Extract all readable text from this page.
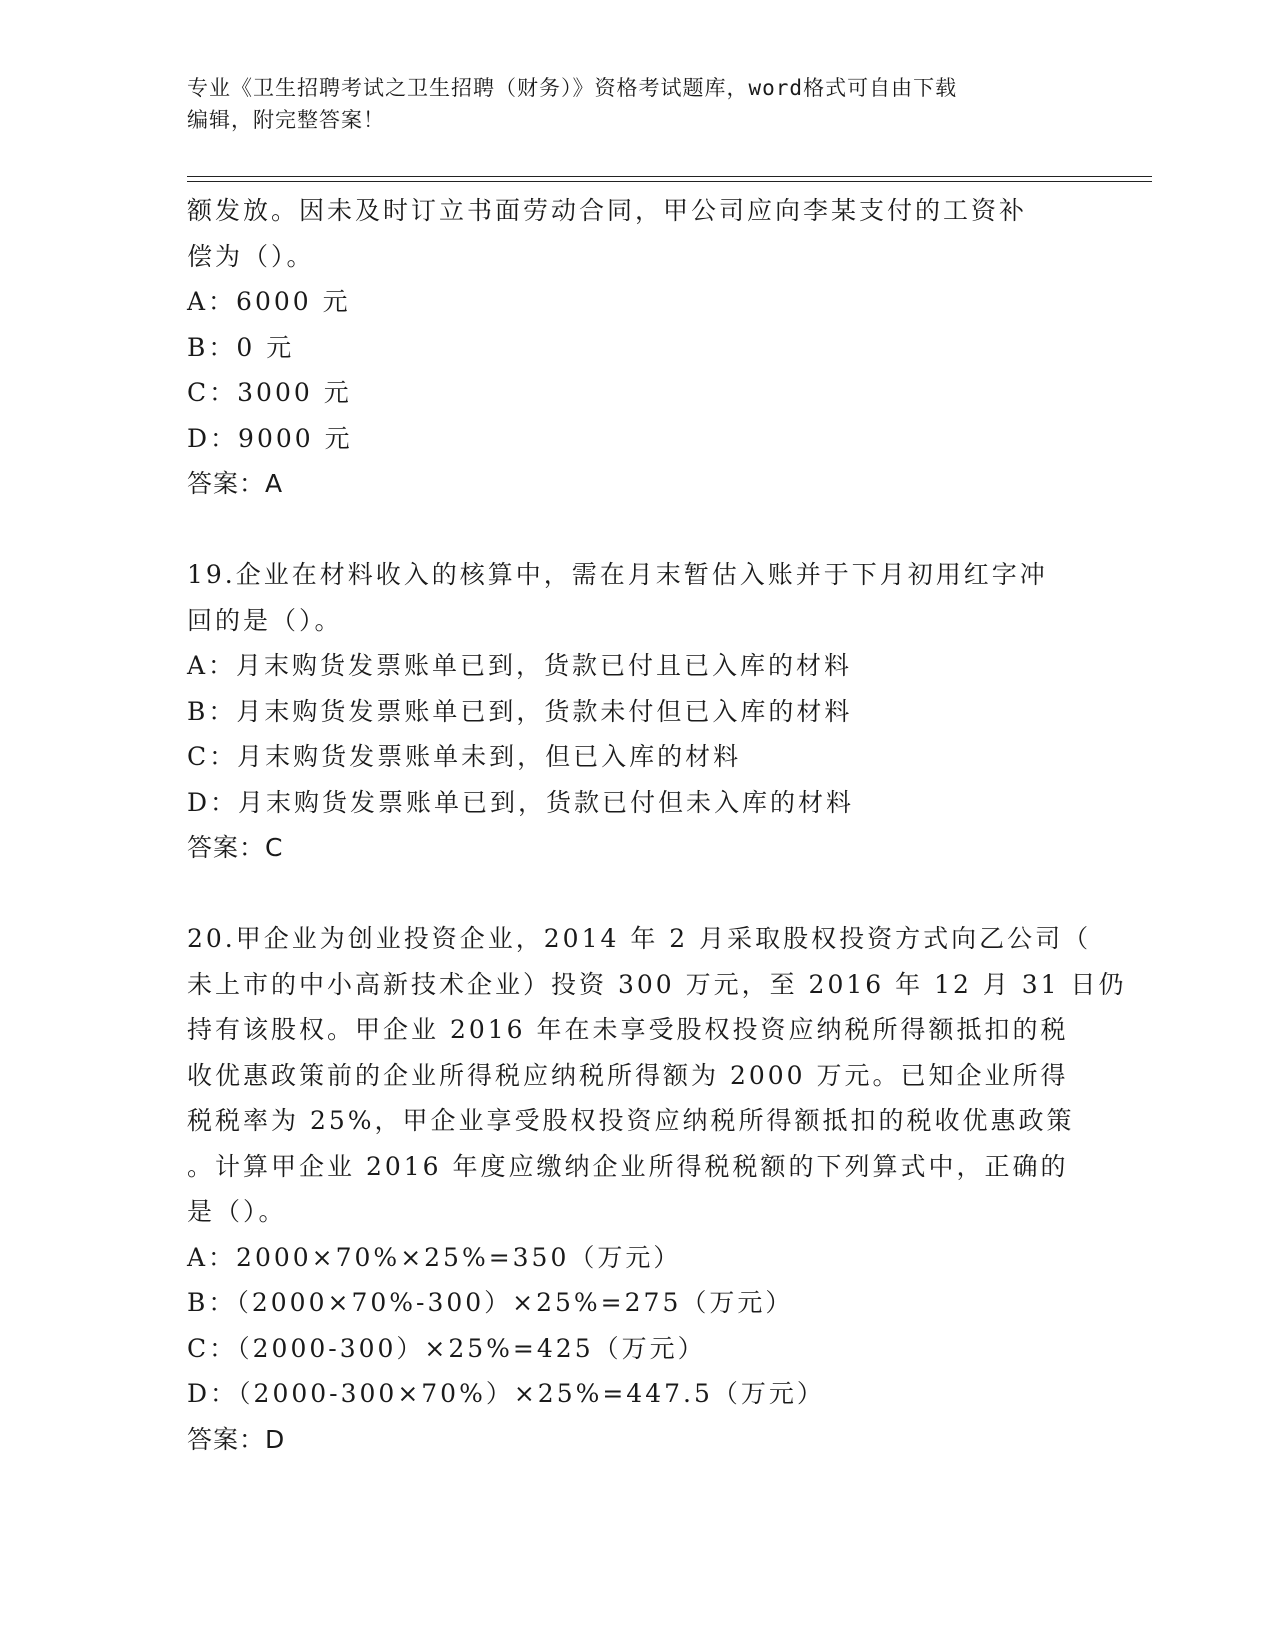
专业《卫生招聘考试之卫生招聘（财务）》资格考试题库，word格式可自由下载
编辑，附完整答案！
额发放。因未及时订立书面劳动合同，甲公司应向李某支付的工资补
偿为（）。
A：6000 元
B：0 元
C：3000 元
D：9000 元
答案：A
19.企业在材料收入的核算中，需在月末暂估入账并于下月初用红字冲
回的是（）。
A：月末购货发票账单已到，货款已付且已入库的材料
B：月末购货发票账单已到，货款未付但已入库的材料
C：月末购货发票账单未到，但已入库的材料
D：月末购货发票账单已到，货款已付但未入库的材料
答案：C
20.甲企业为创业投资企业，2014 年 2 月采取股权投资方式向乙公司（
未上市的中小高新技术企业）投资 300 万元，至 2016 年 12 月 31 日仍
持有该股权。甲企业 2016 年在未享受股权投资应纳税所得额抵扣的税
收优惠政策前的企业所得税应纳税所得额为 2000 万元。已知企业所得
税税率为 25%，甲企业享受股权投资应纳税所得额抵扣的税收优惠政策
。计算甲企业 2016 年度应缴纳企业所得税税额的下列算式中，正确的
是（）。
A：2000×70%×25%=350（万元）
B：（2000×70%-300）×25%=275（万元）
C：（2000-300）×25%=425（万元）
D：（2000-300×70%）×25%=447.5（万元）
答案：D
